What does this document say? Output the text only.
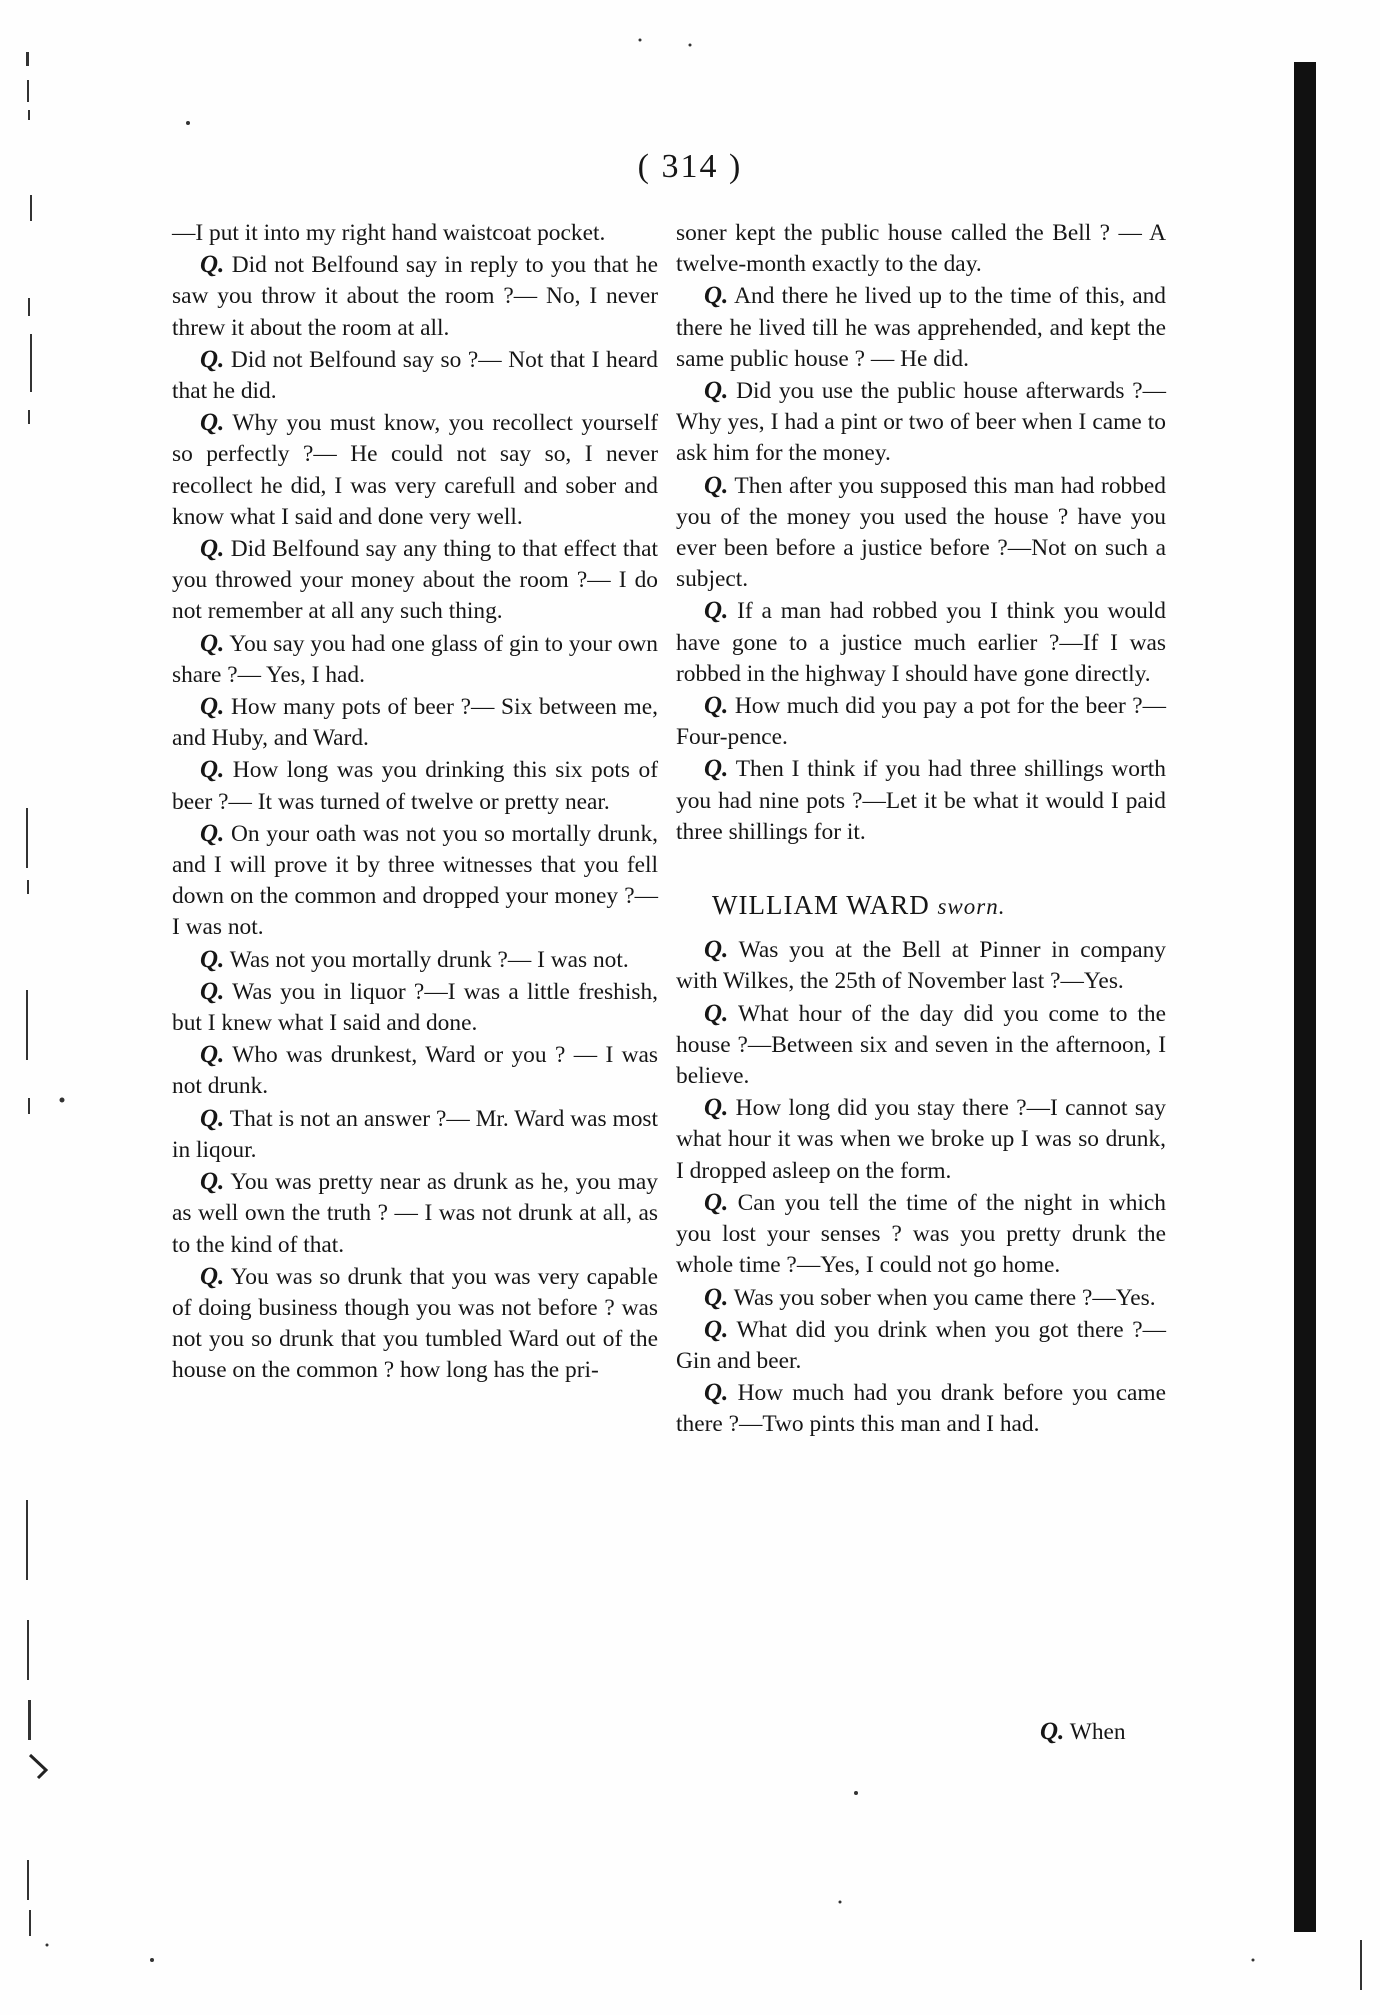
( 314 )

—I put it into my right hand waistcoat pocket.

Q. Did not Belfound say in reply to you that he saw you throw it about the room ?— No, I never threw it about the room at all.

Q. Did not Belfound say so ?— Not that I heard that he did.

Q. Why you must know, you recollect yourself so perfectly ?— He could not say so, I never recollect he did, I was very carefull and sober and know what I said and done very well.

Q. Did Belfound say any thing to that effect that you throwed your money about the room ?— I do not remember at all any such thing.

Q. You say you had one glass of gin to your own share ?— Yes, I had.

Q. How many pots of beer ?— Six between me, and Huby, and Ward.

Q. How long was you drinking this six pots of beer ?— It was turned of twelve or pretty near.

Q. On your oath was not you so mortally drunk, and I will prove it by three witnesses that you fell down on the common and dropped your money ?— I was not.

Q. Was not you mortally drunk ?— I was not.

Q. Was you in liquor ?—I was a little freshish, but I knew what I said and done.

Q. Who was drunkest, Ward or you ? — I was not drunk.

Q. That is not an answer ?— Mr. Ward was most in liqour.

Q. You was pretty near as drunk as he, you may as well own the truth ? — I was not drunk at all, as to the kind of that.

Q. You was so drunk that you was very capable of doing business though you was not before ? was not you so drunk that you tumbled Ward out of the house on the common ? how long has the pri-

soner kept the public house called the Bell ? — A twelve-month exactly to the day.

Q. And there he lived up to the time of this, and there he lived till he was apprehended, and kept the same public house ? — He did.

Q. Did you use the public house afterwards ?—Why yes, I had a pint or two of beer when I came to ask him for the money.

Q. Then after you supposed this man had robbed you of the money you used the house ? have you ever been before a justice before ?—Not on such a subject.

Q. If a man had robbed you I think you would have gone to a justice much earlier ?—If I was robbed in the highway I should have gone directly.

Q. How much did you pay a pot for the beer ?—Four-pence.

Q. Then I think if you had three shillings worth you had nine pots ?—Let it be what it would I paid three shillings for it.

WILLIAM WARD sworn.

Q. Was you at the Bell at Pinner in company with Wilkes, the 25th of November last ?—Yes.

Q. What hour of the day did you come to the house ?—Between six and seven in the afternoon, I believe.

Q. How long did you stay there ?—I cannot say what hour it was when we broke up I was so drunk, I dropped asleep on the form.

Q. Can you tell the time of the night in which you lost your senses ? was you pretty drunk the whole time ?—Yes, I could not go home.

Q. Was you sober when you came there ?—Yes.

Q. What did you drink when you got there ?—Gin and beer.

Q. How much had you drank before you came there ?—Two pints this man and I had.

Q. When
